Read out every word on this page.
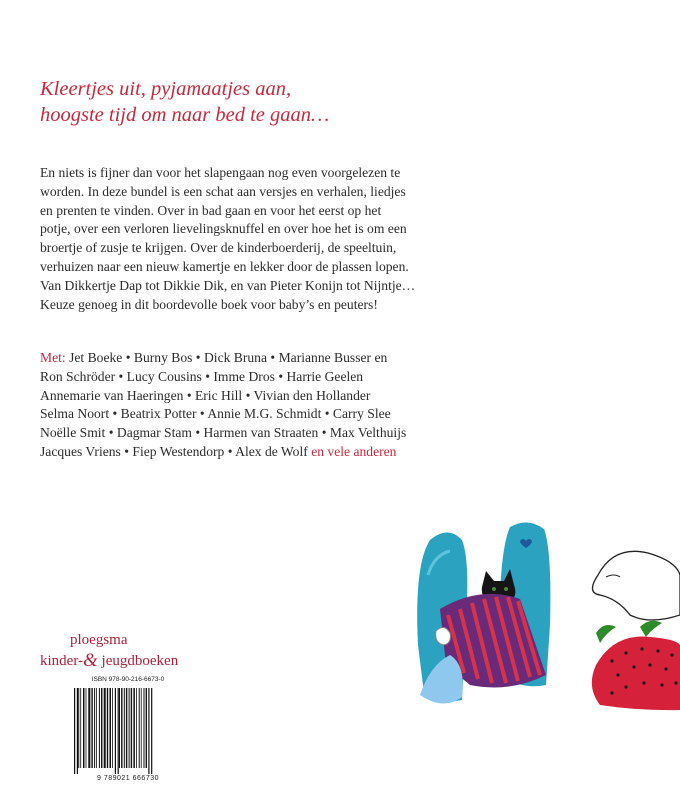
Kleertjes uit, pyjamaatjes aan,
hoogste tijd om naar bed te gaan…
En niets is fijner dan voor het slapengaan nog even voorgelezen te
worden. In deze bundel is een schat aan versjes en verhalen, liedjes
en prenten te vinden. Over in bad gaan en voor het eerst op het
potje, over een verloren lievelingsknuffel en over hoe het is om een
broertje of zusje te krijgen. Over de kinderboerderij, de speeltuin,
verhuizen naar een nieuw kamertje en lekker door de plassen lopen.
Van Dikkertje Dap tot Dikkie Dik, en van Pieter Konijn tot Nijntje…
Keuze genoeg in dit boordevolle boek voor baby’s en peuters!
Met: Jet Boeke • Burny Bos • Dick Bruna • Marianne Busser en
Ron Schröder • Lucy Cousins • Imme Dros • Harrie Geelen
Annemarie van Haeringen • Eric Hill • Vivian den Hollander
Selma Noort • Beatrix Potter • Annie M.G. Schmidt • Carry Slee
Noëlle Smit • Dagmar Stam • Harmen van Straaten • Max Velthuijs
Jacques Vriens • Fiep Westendorp • Alex de Wolf en vele anderen
ploegsma
kinder-& jeugdboeken
ISBN 978-90-216-6673-0
9 789021 666730
